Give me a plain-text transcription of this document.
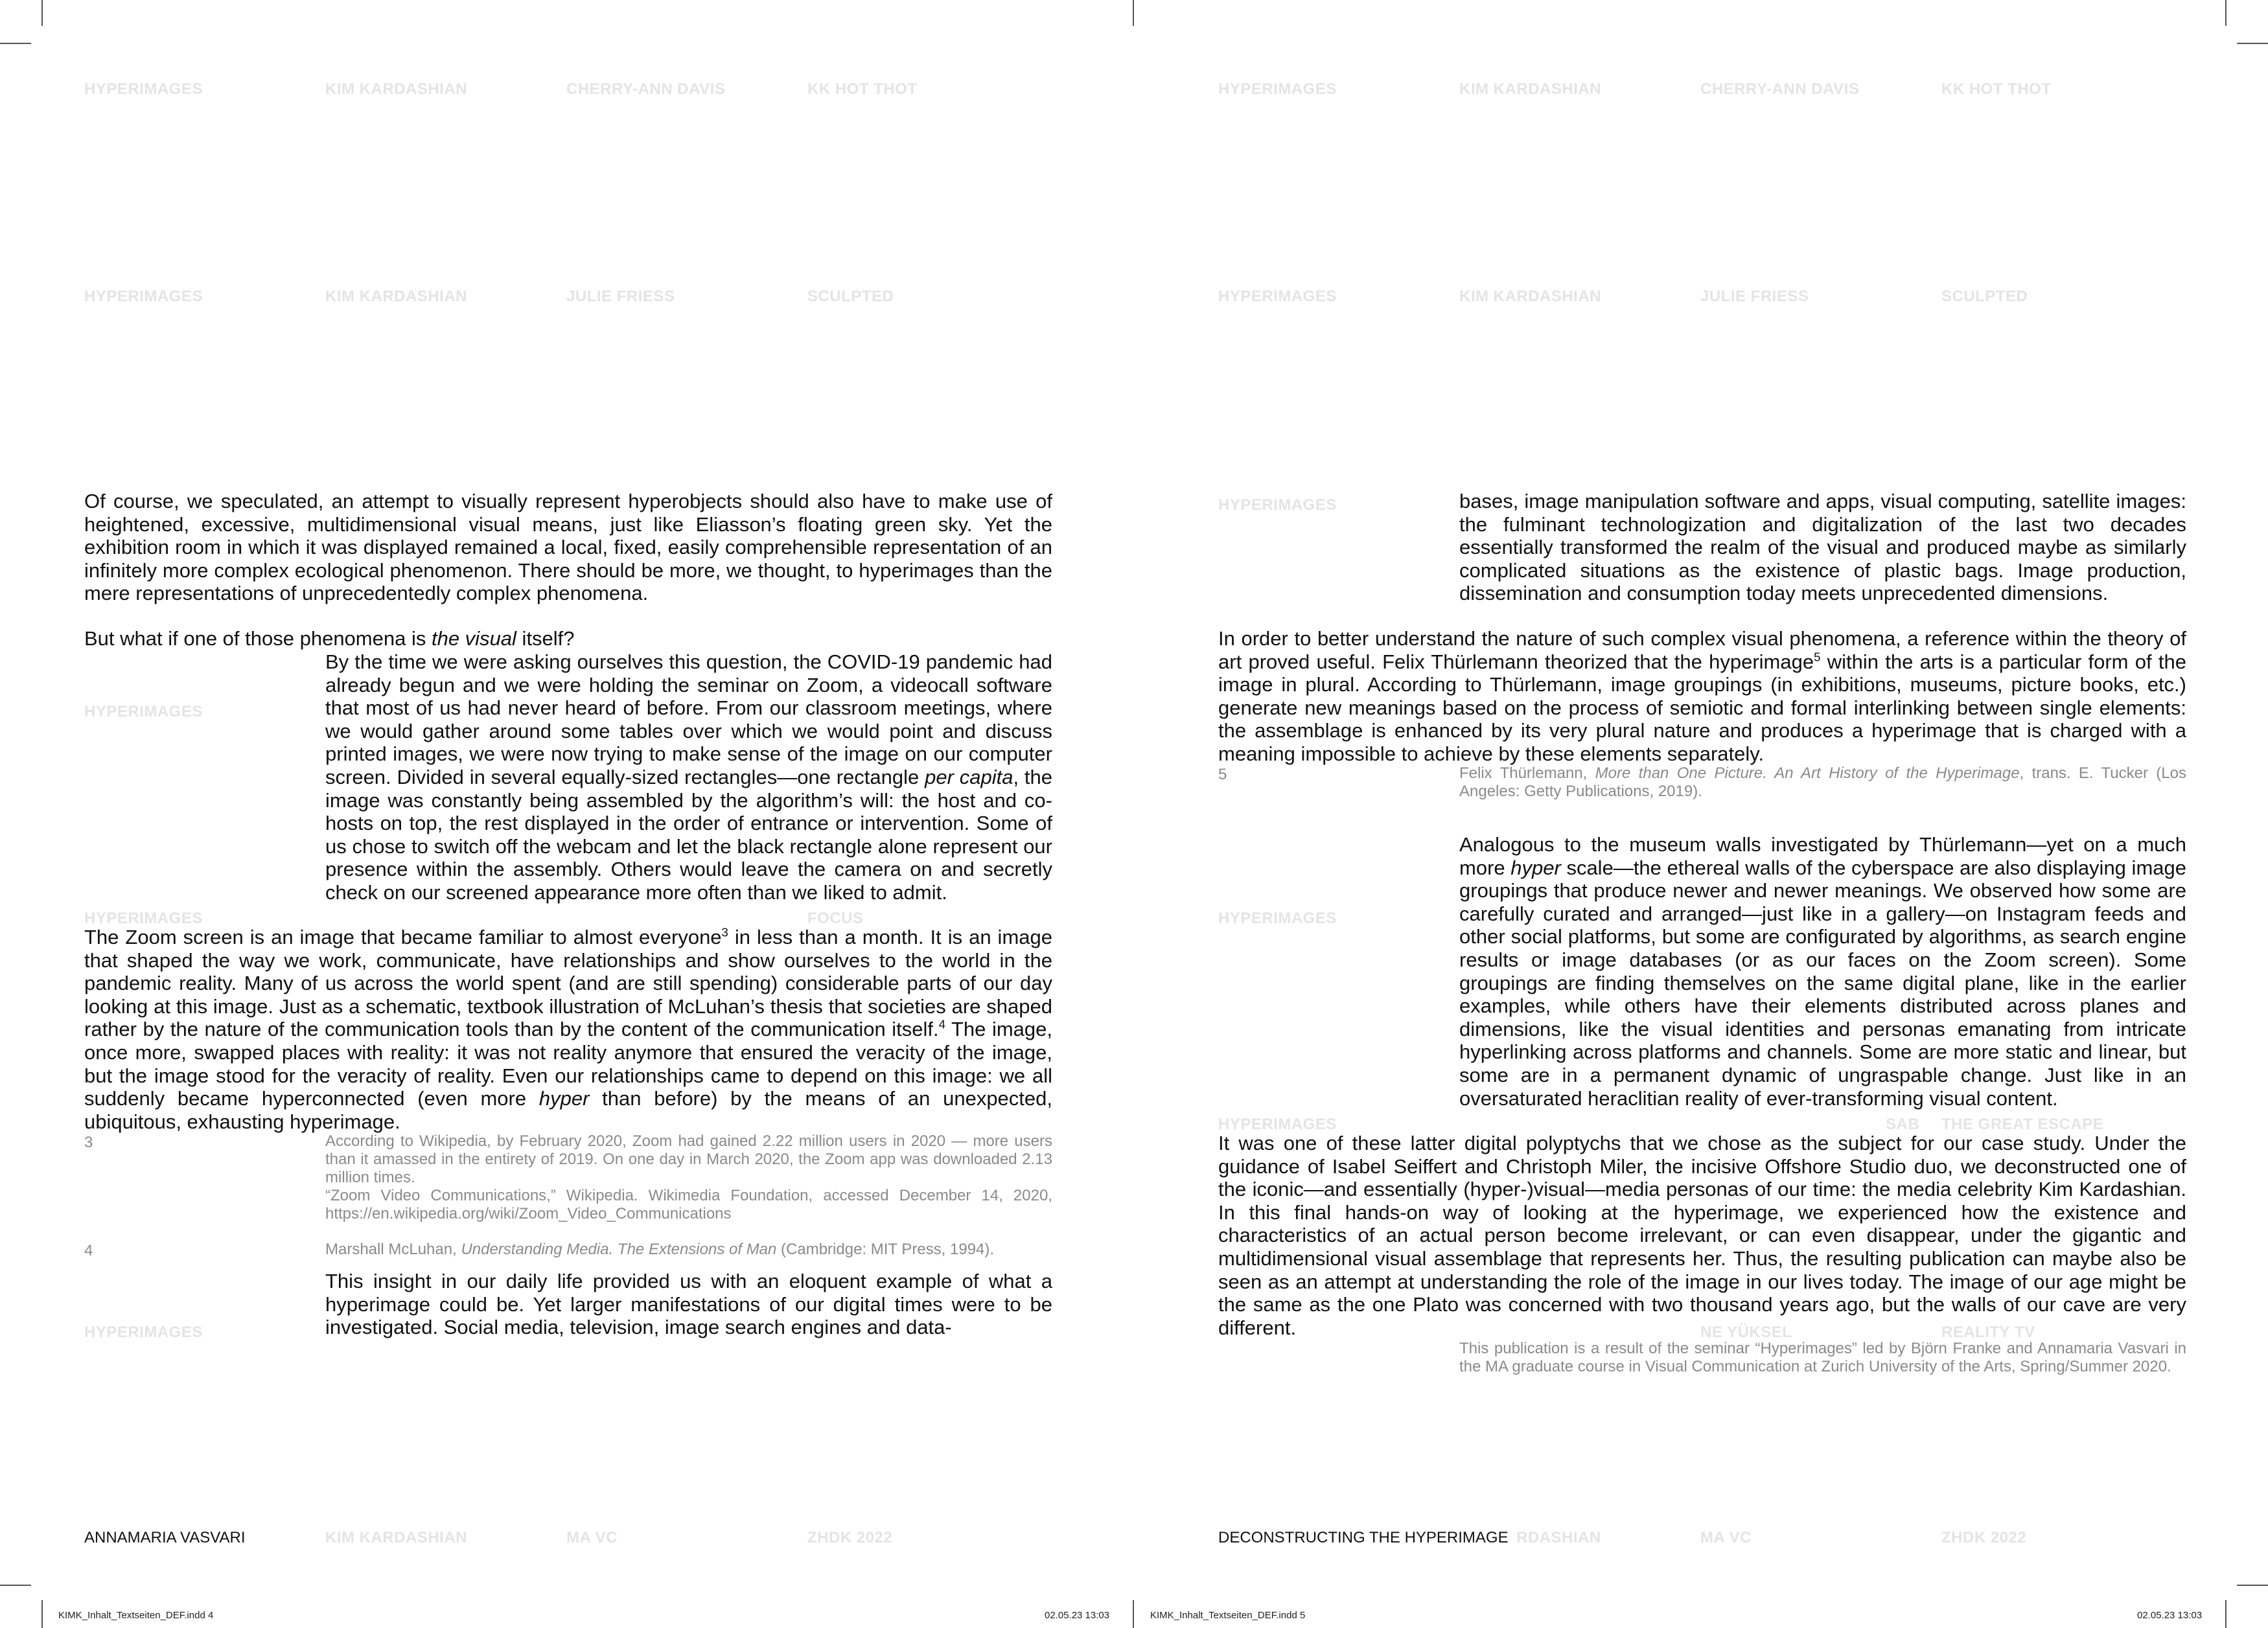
HYPERIMAGES	KIM KARDASHIAN	CHERRY-ANN DAVIS	KK HOT THOT	HYPERIMAGES	KIM KARDASHIAN	CHERRY-ANN DAVIS	KK HOT THOT
HYPERIMAGES	KIM KARDASHIAN	JULIE FRIESS	SCULPTED	HYPERIMAGES	KIM KARDASHIAN	JULIE FRIESS	SCULPTED
HYPERIMAGES
HYPERIMAGES	FOCUS
HYPERIMAGES
HYPERIMAGES
HYPERIMAGES
HYPERIMAGES	SAB THE GREAT ESCAPE
NE YÜKSEL	REALITY TV
KIM KARDASHIAN	MA VC	ZHDK 2022	RDASHIAN	MA VC	ZHDK 2022

Of course, we speculated, an attempt to visually represent hyperobjects should also have to make use of heightened, excessive, multidimensional visual means, just like Eliasson’s floating green sky. Yet the exhibition room in which it was displayed remained a local, fixed, easily comprehensible representation of an infinitely more complex ecological phenomenon. There should be more, we thought, to hyperimages than the mere representations of unprecedentedly complex phenomena.

But what if one of those phenomena is the visual itself?

By the time we were asking ourselves this question, the COVID-19 pandemic had already begun and we were holding the seminar on Zoom, a videocall software that most of us had never heard of before. From our classroom meetings, where we would gather around some tables over which we would point and discuss printed images, we were now trying to make sense of the image on our computer screen. Divided in several equally-sized rectangles—one rectangle per capita, the image was constantly being assembled by the algorithm’s will: the host and co-hosts on top, the rest displayed in the order of entrance or intervention. Some of us chose to switch off the webcam and let the black rectangle alone represent our presence within the assembly. Others would leave the camera on and secretly check on our screened appearance more often than we liked to admit.

The Zoom screen is an image that became familiar to almost everyone$^3$ in less than a month. It is an image that shaped the way we work, communicate, have relationships and show ourselves to the world in the pandemic reality. Many of us across the world spent (and are still spending) considerable parts of our day looking at this image. Just as a schematic, textbook illustration of McLuhan’s thesis that societies are shaped rather by the nature of the communication tools than by the content of the communication itself.$^4$ The image, once more, swapped places with reality: it was not reality anymore that ensured the veracity of the image, but the image stood for the veracity of reality. Even our relationships came to depend on this image: we all suddenly became hyperconnected (even more hyper than before) by the means of an unexpected, ubiquitous, exhausting hyperimage.

3	According to Wikipedia, by February 2020, Zoom had gained 2.22 million users in 2020 — more users than it amassed in the entirety of 2019. On one day in March 2020, the Zoom app was downloaded 2.13 million times.

“Zoom Video Communications,” Wikipedia. Wikimedia Foundation, accessed December 14, 2020, https://en.wikipedia.org/wiki/Zoom_Video_Communications

4	Marshall McLuhan, Understanding Media. The Extensions of Man (Cambridge: MIT Press, 1994).

This insight in our daily life provided us with an eloquent example of what a hyperimage could be. Yet larger manifestations of our digital times were to be investigated. Social media, television, image search engines and data-

ANNAMARIA VASVARI

bases, image manipulation software and apps, visual computing, satellite images: the fulminant technologization and digitalization of the last two decades essentially transformed the realm of the visual and produced maybe as similarly complicated situations as the existence of plastic bags. Image production, dissemination and consumption today meets unprecedented dimensions.

In order to better understand the nature of such complex visual phenomena, a reference within the theory of art proved useful. Felix Thürlemann theorized that the hyperimage$^5$ within the arts is a particular form of the image in plural. According to Thürlemann, image groupings (in exhibitions, museums, picture books, etc.) generate new meanings based on the process of semiotic and formal interlinking between single elements: the assemblage is enhanced by its very plural nature and produces a hyperimage that is charged with a meaning impossible to achieve by these elements separately.

5	Felix Thürlemann, More than One Picture. An Art History of the Hyperimage, trans. E. Tucker (Los Angeles: Getty Publications, 2019).

Analogous to the museum walls investigated by Thürlemann—yet on a much more hyper scale—the ethereal walls of the cyberspace are also displaying image groupings that produce newer and newer meanings. We observed how some are carefully curated and arranged—just like in a gallery—on Instagram feeds and other social platforms, but some are configurated by algorithms, as search engine results or image databases (or as our faces on the Zoom screen). Some groupings are finding themselves on the same digital plane, like in the earlier examples, while others have their elements distributed across planes and dimensions, like the visual identities and personas emanating from intricate hyperlinking across platforms and channels. Some are more static and linear, but some are in a permanent dynamic of ungraspable change. Just like in an oversaturated heraclitian reality of ever-transforming visual content.

It was one of these latter digital polyptychs that we chose as the subject for our case study. Under the guidance of Isabel Seiffert and Christoph Miler, the incisive Offshore Studio duo, we deconstructed one of the iconic—and essentially (hyper-)visual—media personas of our time: the media celebrity Kim Kardashian. In this final hands-on way of looking at the hyperimage, we experienced how the existence and characteristics of an actual person become irrelevant, or can even disappear, under the gigantic and multidimensional visual assemblage that represents her. Thus, the resulting publication can maybe also be seen as an attempt at understanding the role of the image in our lives today. The image of our age might be the same as the one Plato was concerned with two thousand years ago, but the walls of our cave are very different.

This publication is a result of the seminar “Hyperimages” led by Björn Franke and Annamaria Vasvari in the MA graduate course in Visual Communication at Zurich University of the Arts, Spring/Summer 2020.

DECONSTRUCTING THE HYPERIMAGE
KIMK_Inhalt_Textseiten_DEF.indd 4	02.05.23 13:03	KIMK_Inhalt_Textseiten_DEF.indd 5	02.05.23 13:03
